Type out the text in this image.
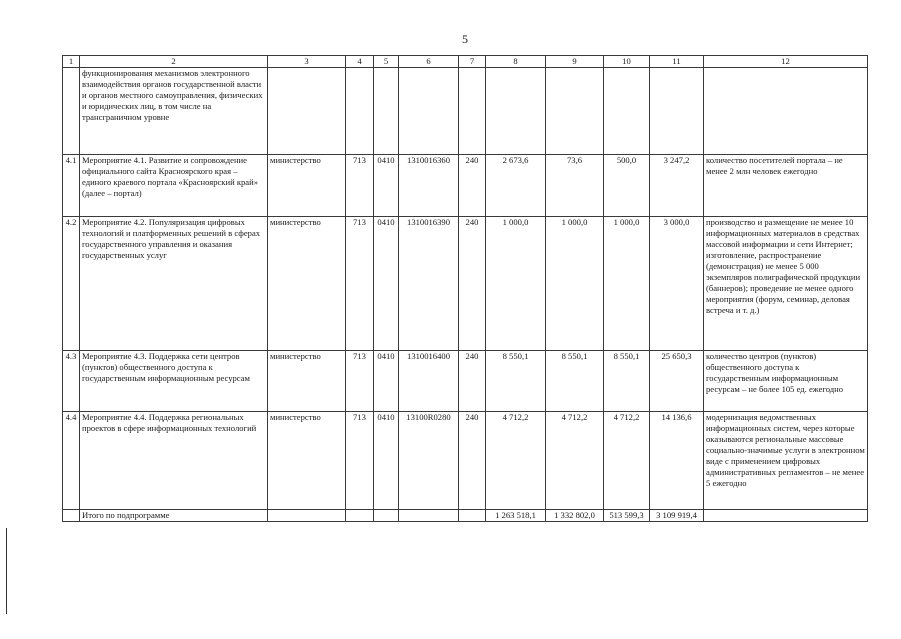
5
1	2	3	4	5	6	7	8	9	10	11	12
	функционирования механизмов электронного взаимодействия органов государственной власти и органов местного самоуправления, физических и юридических лиц, в том числе на трансграничном уровне										
4.1	Мероприятие 4.1. Развитие и сопровождение официального сайта Красноярского края – единого краевого портала «Красноярский край» (далее – портал)	министерство	713	0410	1310016360	240	2 673,6	73,6	500,0	3 247,2	количество посетителей портала – не менее 2 млн человек ежегодно
4.2	Мероприятие 4.2. Популяризация цифровых технологий и платформенных решений в сферах государственного управления и оказания государственных услуг	министерство	713	0410	1310016390	240	1 000,0	1 000,0	1 000,0	3 000,0	производство и размещение не менее 10 информационных материалов в средствах массовой информации и сети Интернет; изготовление, распространение (демонстрация) не менее 5 000 экземпляров полиграфической продукции (баннеров); проведение не менее одного мероприятия (форум, семинар, деловая встреча и т. д.)
4.3	Мероприятие 4.3. Поддержка сети центров (пунктов) общественного доступа к государственным информационным ресурсам	министерство	713	0410	1310016400	240	8 550,1	8 550,1	8 550,1	25 650,3	количество центров (пунктов) общественного доступа к государственным информационным ресурсам – не более 105 ед. ежегодно
4.4	Мероприятие 4.4. Поддержка региональных проектов в сфере информационных технологий	министерство	713	0410	13100R0280	240	4 712,2	4 712,2	4 712,2	14 136,6	модернизация ведомственных информационных систем, через которые оказываются региональные массовые социально-значимые услуги в электронном виде с применением цифровых административных регламентов – не менее 5 ежегодно
	Итого по подпрограмме						1 263 518,1	1 332 802,0	513 599,3	3 109 919,4	
